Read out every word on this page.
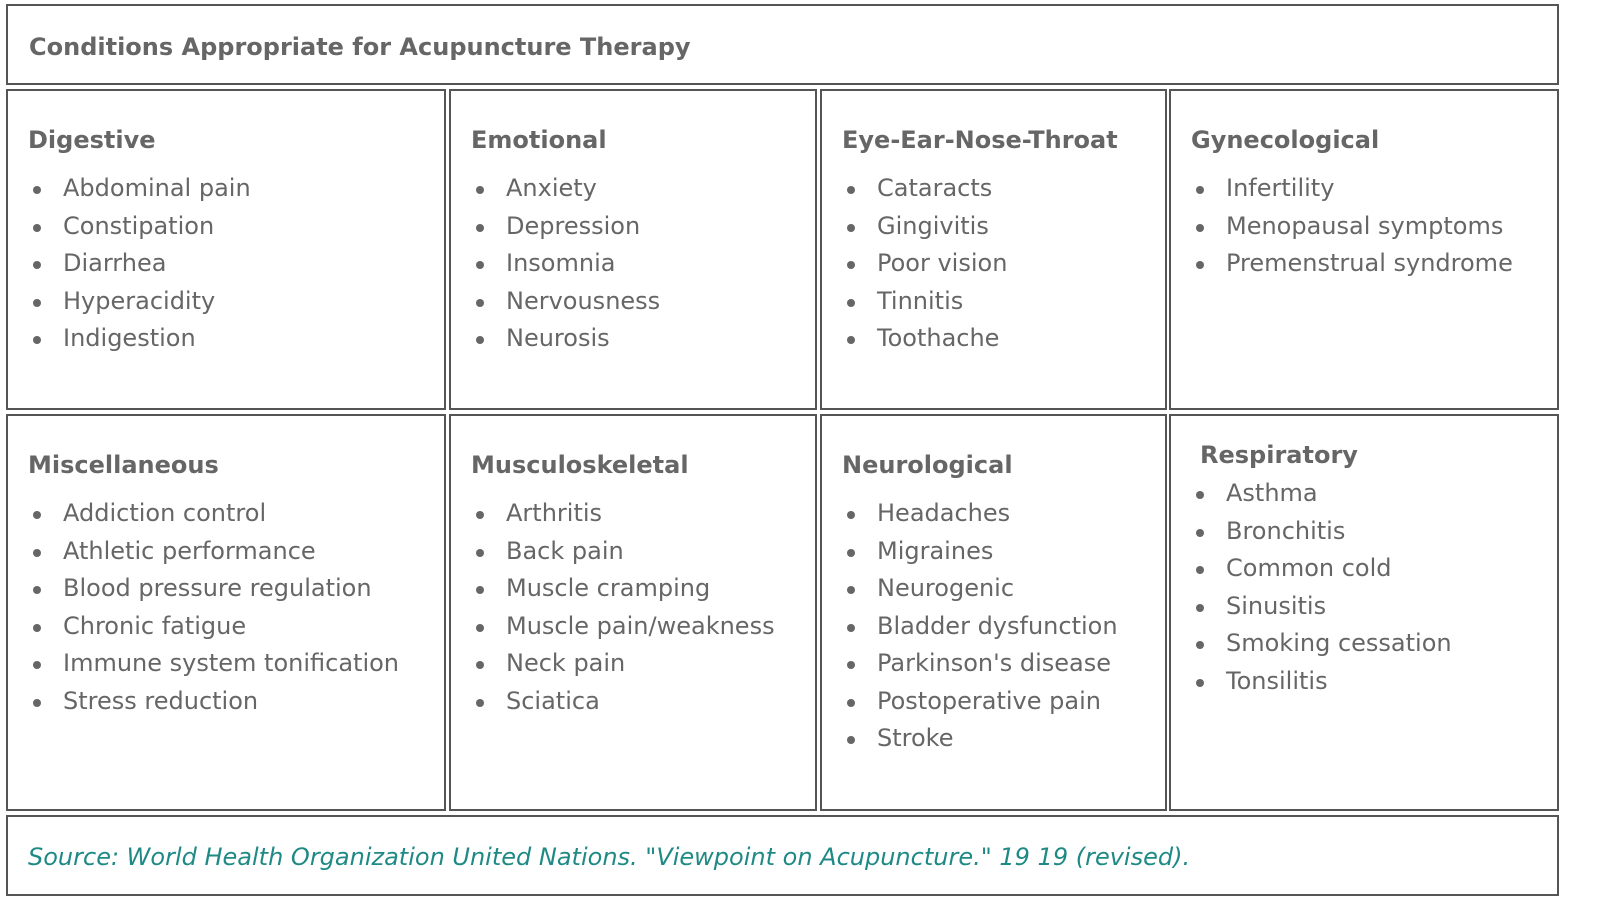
Conditions Appropriate for Acupuncture Therapy
Digestive
Abdominal pain
Constipation
Diarrhea
Hyperacidity
Indigestion
Emotional
Anxiety
Depression
Insomnia
Nervousness
Neurosis
Eye-Ear-Nose-Throat
Cataracts
Gingivitis
Poor vision
Tinnitis
Toothache
Gynecological
Infertility
Menopausal symptoms
Premenstrual syndrome
Miscellaneous
Addiction control
Athletic performance
Blood pressure regulation
Chronic fatigue
Immune system tonification
Stress reduction
Musculoskeletal
Arthritis
Back pain
Muscle cramping
Muscle pain/weakness
Neck pain
Sciatica
Neurological
Headaches
Migraines
Neurogenic
Bladder dysfunction
Parkinson's disease
Postoperative pain
Stroke
Respiratory
Asthma
Bronchitis
Common cold
Sinusitis
Smoking cessation
Tonsilitis
Source: World Health Organization United Nations. "Viewpoint on Acupuncture." 19 19 (revised).
